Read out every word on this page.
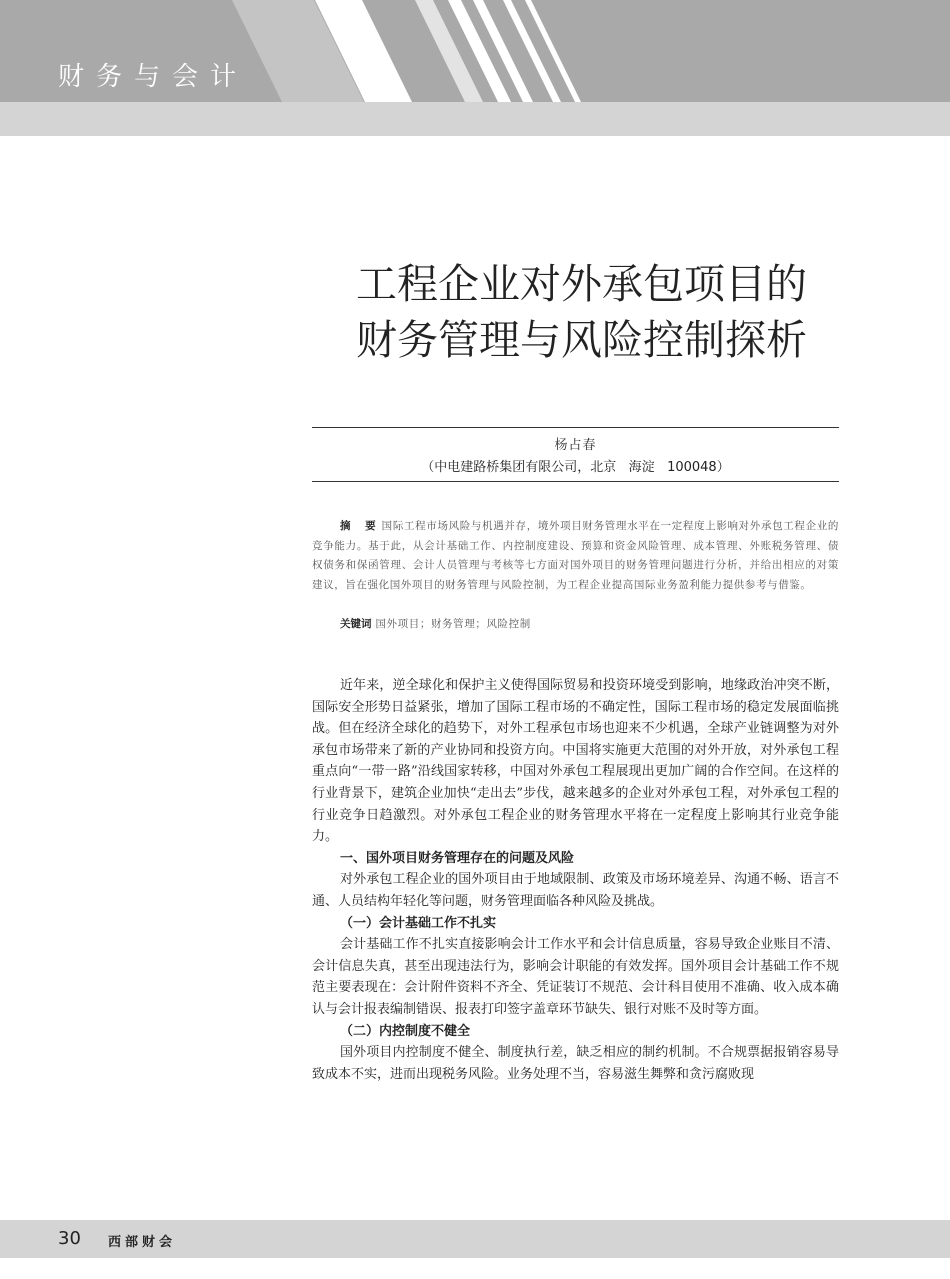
财务与会计
工程企业对外承包项目的
财务管理与风险控制探析
杨占春
（中电建路桥集团有限公司，北京   海淀   100048）
摘　要 国际工程市场风险与机遇并存，境外项目财务管理水平在一定程度上影响对外承包工程企业的竞争能力。基于此，从会计基础工作、内控制度建设、预算和资金风险管理、成本管理、外账税务管理、债权债务和保函管理、会计人员管理与考核等七方面对国外项目的财务管理问题进行分析，并给出相应的对策建议，旨在强化国外项目的财务管理与风险控制，为工程企业提高国际业务盈利能力提供参考与借鉴。
关键词 国外项目；财务管理；风险控制

近年来，逆全球化和保护主义使得国际贸易和投资环境受到影响，地缘政治冲突不断，国际安全形势日益紧张，增加了国际工程市场的不确定性，国际工程市场的稳定发展面临挑战。但在经济全球化的趋势下，对外工程承包市场也迎来不少机遇，全球产业链调整为对外承包市场带来了新的产业协同和投资方向。中国将实施更大范围的对外开放，对外承包工程重点向“一带一路”沿线国家转移，中国对外承包工程展现出更加广阔的合作空间。在这样的行业背景下，建筑企业加快“走出去”步伐，越来越多的企业对外承包工程，对外承包工程的行业竞争日趋激烈。对外承包工程企业的财务管理水平将在一定程度上影响其行业竞争能力。

一、国外项目财务管理存在的问题及风险

对外承包工程企业的国外项目由于地域限制、政策及市场环境差异、沟通不畅、语言不通、人员结构年轻化等问题，财务管理面临各种风险及挑战。

（一）会计基础工作不扎实

会计基础工作不扎实直接影响会计工作水平和会计信息质量，容易导致企业账目不清、会计信息失真，甚至出现违法行为，影响会计职能的有效发挥。国外项目会计基础工作不规范主要表现在：会计附件资料不齐全、凭证装订不规范、会计科目使用不准确、收入成本确认与会计报表编制错误、报表打印签字盖章环节缺失、银行对账不及时等方面。

（二）内控制度不健全

国外项目内控制度不健全、制度执行差，缺乏相应的制约机制。不合规票据报销容易导致成本不实，进而出现税务风险。业务处理不当，容易滋生舞弊和贪污腐败现

30 西部财会
